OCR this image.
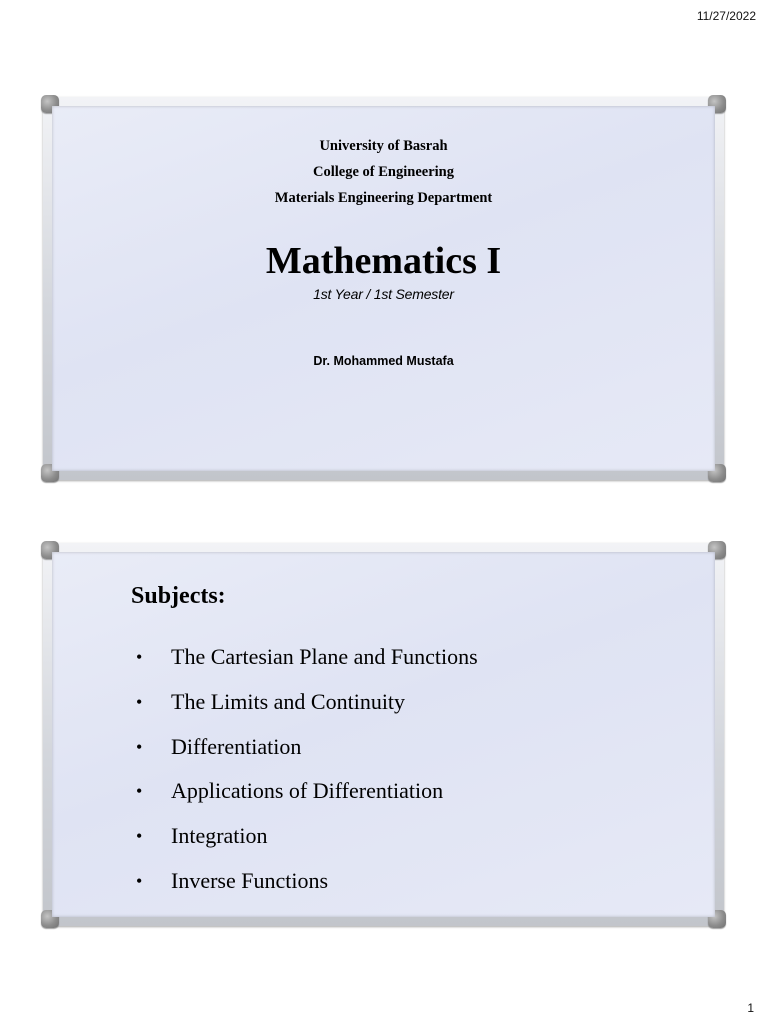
11/27/2022
University of Basrah
College of Engineering
Materials Engineering Department
Mathematics I
1st Year / 1st Semester
Dr. Mohammed Mustafa
Subjects:
• The Cartesian Plane and Functions
• The Limits and Continuity
• Differentiation
• Applications of Differentiation
• Integration
• Inverse Functions
1
